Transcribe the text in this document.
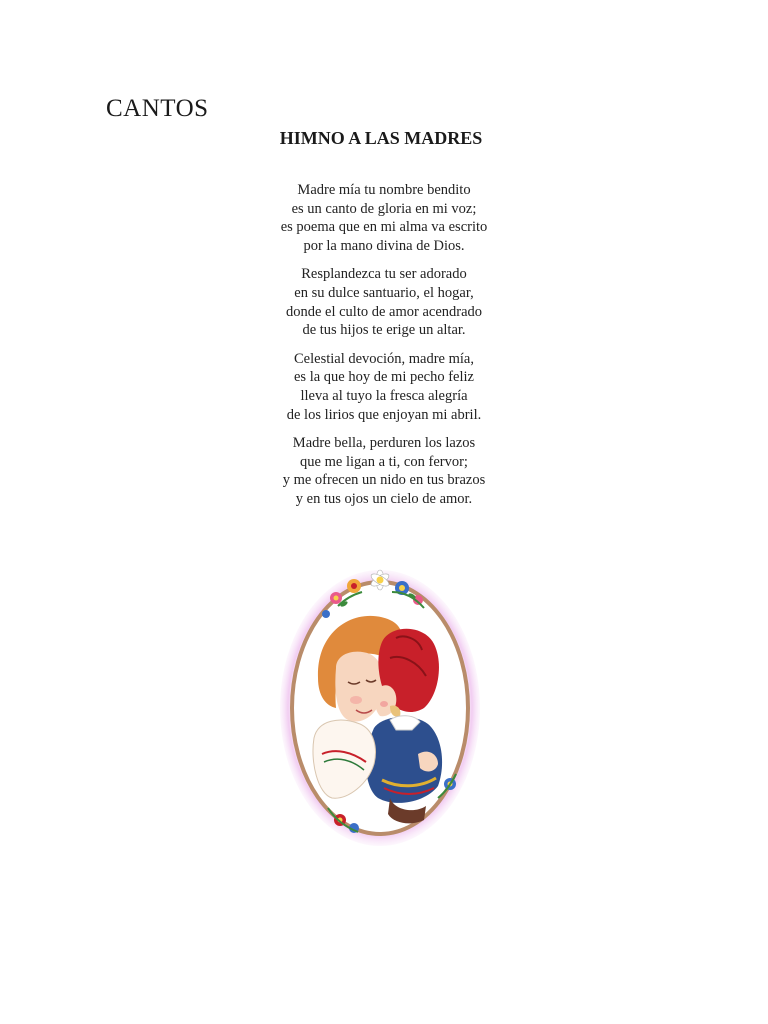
CANTOS
HIMNO A LAS MADRES

Madre mía tu nombre bendito
es un canto de gloria en mi voz;
es poema que en mi alma va escrito
por la mano divina de Dios.

Resplandezca tu ser adorado
en su dulce santuario, el hogar,
donde el culto de amor acendrado
de tus hijos te erige un altar.

Celestial devoción, madre mía,
es la que hoy de mi pecho feliz
lleva al tuyo la fresca alegría
de los lirios que enjoyan mi abril.

Madre bella, perduren los lazos
que me ligan a ti, con fervor;
y me ofrecen un nido en tus brazos
y en tus ojos un cielo de amor.
